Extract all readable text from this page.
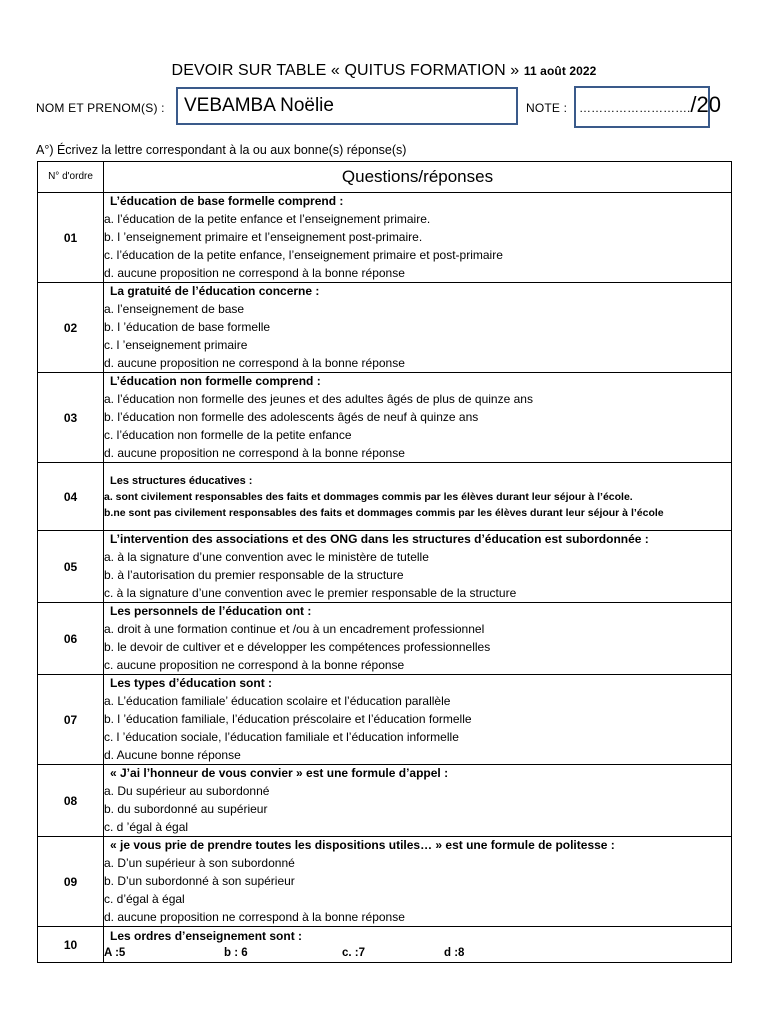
DEVOIR SUR TABLE « QUITUS FORMATION » 11 août 2022
NOM ET PRENOM(S) :	VEBAMBA Noëlie	NOTE : ………………………./20
A°) Écrivez la lettre correspondant à la ou aux bonne(s) réponse(s)
N° d'ordre	Questions/réponses
01	L’éducation de base formelle comprend :
a. l’éducation de la petite enfance et l’enseignement primaire.
b. l ’enseignement primaire et l’enseignement post-primaire.
c. l’éducation de la petite enfance, l’enseignement primaire et post-primaire
d. aucune proposition ne correspond à la bonne réponse

02	La gratuité de l’éducation concerne :
a. l’enseignement de base
b. l ’éducation de base formelle
c. l ’enseignement primaire
d. aucune proposition ne correspond à la bonne réponse

03	L’éducation non formelle comprend :
a. l’éducation non formelle des jeunes et des adultes âgés de plus de quinze ans
b. l’éducation non formelle des adolescents âgés de neuf à quinze ans
c. l’éducation non formelle de la petite enfance
d. aucune proposition ne correspond à la bonne réponse

04	Les structures éducatives :
a. sont civilement responsables des faits et dommages commis par les élèves durant leur séjour à l’école.
b.ne sont pas civilement responsables des faits et dommages commis par les élèves durant leur séjour à l’école

05	L’intervention des associations et des ONG dans les structures d’éducation est subordonnée :
a. à la signature d’une convention avec le ministère de tutelle
b. à l’autorisation du premier responsable de la structure
c. à la signature d’une convention avec le premier responsable de la structure

06	Les personnels de l’éducation ont :
a. droit à une formation continue et /ou à un encadrement professionnel
b. le devoir de cultiver et e développer les compétences professionnelles
c. aucune proposition ne correspond à la bonne réponse

07	Les types d’éducation sont :
a. L’éducation familiale’ éducation scolaire et l’éducation parallèle
b. l ’éducation familiale, l’éducation préscolaire et l’éducation formelle
c. l ’éducation sociale, l’éducation familiale et l’éducation informelle
d. Aucune bonne réponse

08	« J’ai l’honneur de vous convier » est une formule d’appel :
a. Du supérieur au subordonné
b. du subordonné au supérieur
c. d ’égal à égal

09	« je vous prie de prendre toutes les dispositions utiles… » est une formule de politesse :
a. D’un supérieur à son subordonné
b. D’un subordonné à son supérieur
c. d’égal à égal
d. aucune proposition ne correspond à la bonne réponse

10	Les ordres d’enseignement sont :
A :5 b : 6 c. :7 d :8
